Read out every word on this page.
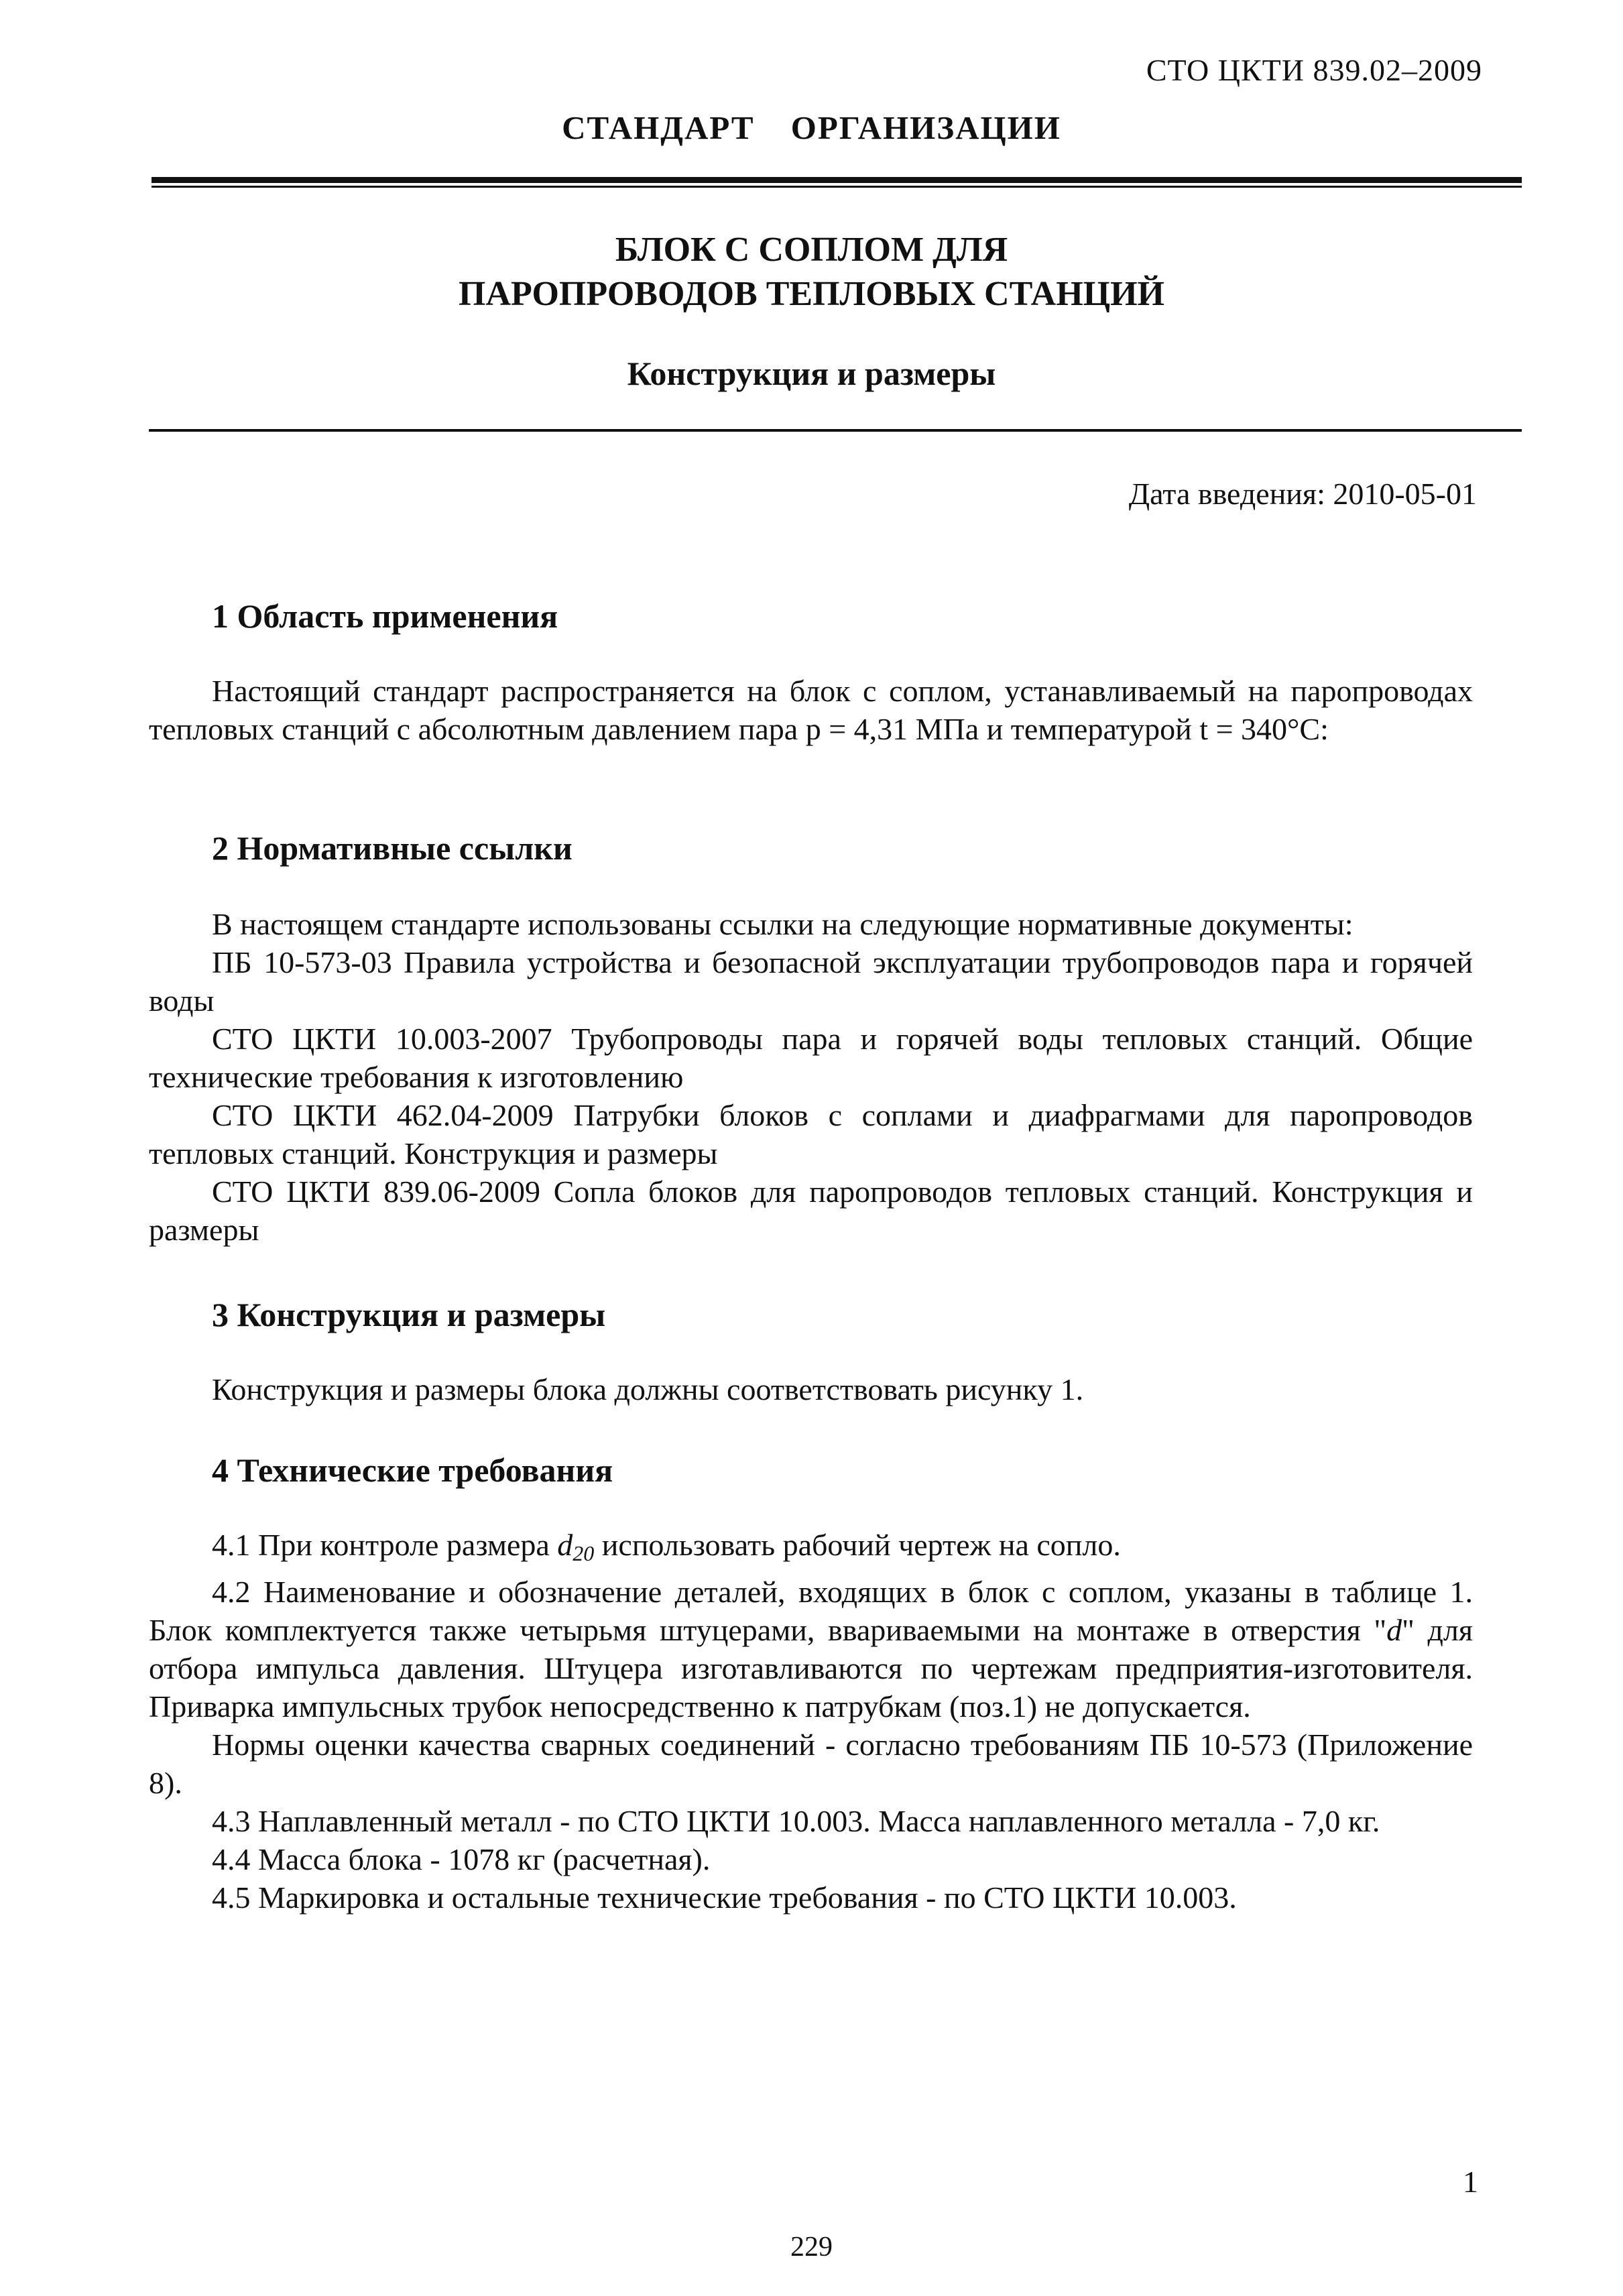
СТО ЦКТИ 839.02–2009
СТАНДАРТ ОРГАНИЗАЦИИ
БЛОК С СОПЛОМ ДЛЯ
ПАРОПРОВОДОВ ТЕПЛОВЫХ СТАНЦИЙ
Конструкция и размеры
Дата введения: 2010-05-01
1 Область применения

Настоящий стандарт распространяется на блок с соплом, устанавливаемый на паропроводах тепловых станций с абсолютным давлением пара p = 4,31 МПа и температурой t = 340°С:

2 Нормативные ссылки

В настоящем стандарте использованы ссылки на следующие нормативные документы:

ПБ 10-573-03 Правила устройства и безопасной эксплуатации трубопроводов пара и горячей воды

СТО ЦКТИ 10.003-2007 Трубопроводы пара и горячей воды тепловых станций. Общие технические требования к изготовлению

СТО ЦКТИ 462.04-2009 Патрубки блоков с соплами и диафрагмами для паропроводов тепловых станций. Конструкция и размеры

СТО ЦКТИ 839.06-2009 Сопла блоков для паропроводов тепловых станций. Конструкция и размеры

3 Конструкция и размеры

Конструкция и размеры блока должны соответствовать рисунку 1.

4 Технические требования

4.1 При контроле размера $d_{20}$ использовать рабочий чертеж на сопло.

4.2 Наименование и обозначение деталей, входящих в блок с соплом, указаны в таблице 1. Блок комплектуется также четырьмя штуцерами, ввариваемыми на монтаже в отверстия "d" для отбора импульса давления. Штуцера изготавливаются по чертежам предприятия-изготовителя. Приварка импульсных трубок непосредственно к патрубкам (поз.1) не допускается.

Нормы оценки качества сварных соединений - согласно требованиям ПБ 10-573 (Приложение 8).

4.3 Наплавленный металл - по СТО ЦКТИ 10.003. Масса наплавленного металла - 7,0 кг.

4.4 Масса блока - 1078 кг (расчетная).

4.5 Маркировка и остальные технические требования - по СТО ЦКТИ 10.003.

1
229
